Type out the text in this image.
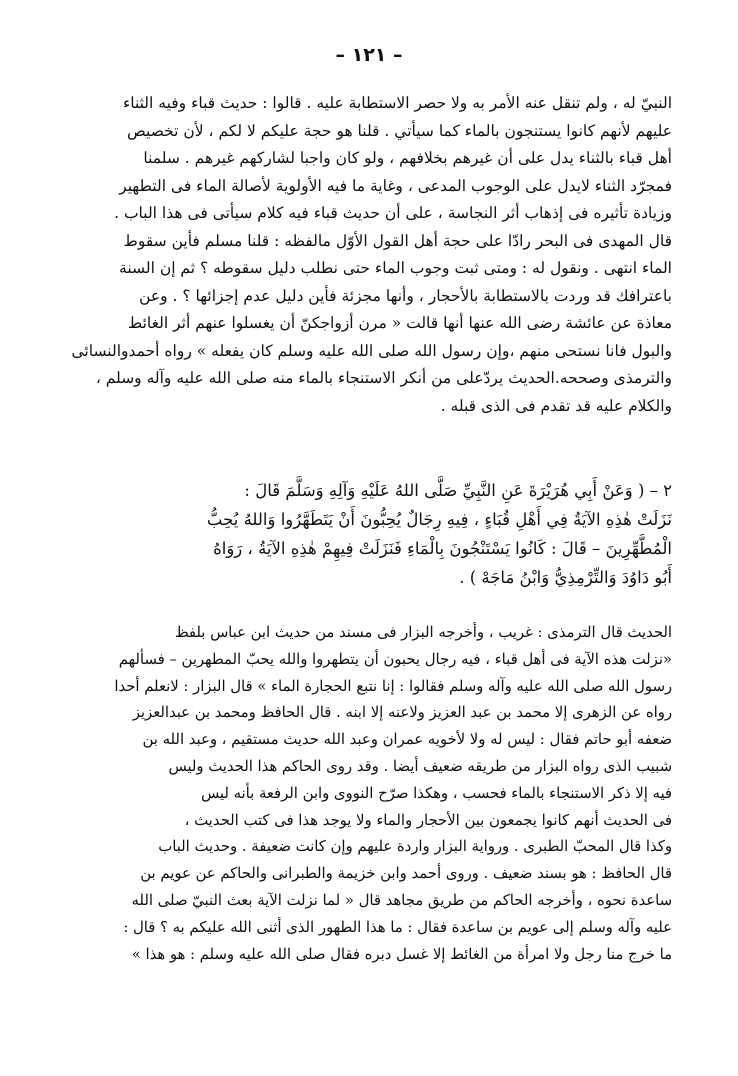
– ١٢١ –
النبيّ له ، ولم تنقل عنه الأمر به ولا حصر الاستطابة عليه . قالوا : حديث قباء وفيه الثناء
عليهم لأنهم كانوا يستنجون بالماء كما سيأتي . قلنا هو حجة عليكم لا لكم ، لأن تخصيص
أهل قباء بالثناء يدل على أن غيرهم بخلافهم ، ولو كان واجبا لشاركهم غيرهم . سلمنا
فمجرّد الثناء لايدل على الوجوب المدعى ، وغاية ما فيه الأولوية لأصالة الماء فى التطهير
وزيادة تأثيره فى إذهاب أثر النجاسة ، على أن حديث قباء فيه كلام سيأتى فى هذا الباب .
قال المهدى فى البحر رادّا على حجة أهل القول الأوّل مالفظه : قلنا مسلم فأين سقوط
الماء انتهى . ونقول له : ومتى ثبت وجوب الماء حتى نطلب دليل سقوطه ؟ ثم إن السنة
باعترافك قد وردت بالاستطابة بالأحجار ، وأنها مجزئة فأين دليل عدم إجزائها ؟ . وعن
معاذة عن عائشة رضى الله عنها أنها قالت « مرن أزواجكنّ أن يغسلوا عنهم أثر الغائط
والبول فانا نستحى منهم ،وإن رسول الله صلى الله عليه وسلم كان يفعله » رواه أحمدوالنسائى
والترمذى وصححه.الحديث يردّعلى من أنكر الاستنجاء بالماء منه صلى الله عليه وآله وسلم ،
والكلام عليه قد تقدم فى الذى قبله .
٢ – ( وَعَنْ أَبِي هُرَيْرَةَ عَنِ النَّبِيِّ صَلَّى اللهُ عَلَيْهِ وَآلِهِ وَسَلَّمَ قَالَ :
نَزَلَتْ هٰذِهِ الآيَةُ فِي أَهْلِ قُبَاءٍ ، فِيهِ رِجَالٌ يُحِبُّونَ أَنْ يَتَطَهَّرُوا وَاللهُ يُحِبُّ
الْمُطَّهِّرِينَ – قَالَ : كَانُوا يَسْتَنْجُونَ بِالْمَاءِ فَنَزَلَتْ فِيهِمْ هٰذِهِ الآيَةُ ، رَوَاهُ
أَبُو دَاوُدَ وَالتِّرْمِذِيُّ وَابْنُ مَاجَهْ ) .
الحديث قال الترمذى : غريب ، وأخرجه البزار فى مسند من حديث ابن عباس بلفظ
«نزلت هذه الآية فى أهل قباء ، فيه رجال يحبون أن يتطهروا والله يحبّ المطهرين – فسألهم
رسول الله صلى الله عليه وآله وسلم فقالوا : إنا نتبع الحجارة الماء » قال البزار : لانعلم أحدا
رواه عن الزهرى إلا محمد بن عبد العزيز ولاعنه إلا ابنه . قال الحافظ ومحمد بن عبدالعزيز
ضعفه أبو حاتم فقال : ليس له ولا لأخويه عمران وعبد الله حديث مستقيم ، وعبد الله بن
شبيب الذى رواه البزار من طريقه ضعيف أيضا . وقد روى الحاكم هذا الحديث وليس
فيه إلا ذكر الاستنجاء بالماء فحسب ، وهكذا صرّح النووى وابن الرفعة بأنه ليس
فى الحديث أنهم كانوا يجمعون بين الأحجار والماء ولا يوجد هذا فى كتب الحديث ،
وكذا قال المحبّ الطبرى . ورواية البزار واردة عليهم وإن كانت ضعيفة . وحديث الباب
قال الحافظ : هو بسند ضعيف . وروى أحمد وابن خزيمة والطبرانى والحاكم عن عويم بن
ساعدة نحوه ، وأخرجه الحاكم من طريق مجاهد قال « لما نزلت الآية بعث النبيّ صلى الله
عليه وآله وسلم إلى عويم بن ساعدة فقال : ما هذا الطهور الذى أثنى الله عليكم به ؟ قال :
ما خرج منا رجل ولا امرأة من الغائط إلا غسل دبره فقال صلى الله عليه وسلم : هو هذا »
